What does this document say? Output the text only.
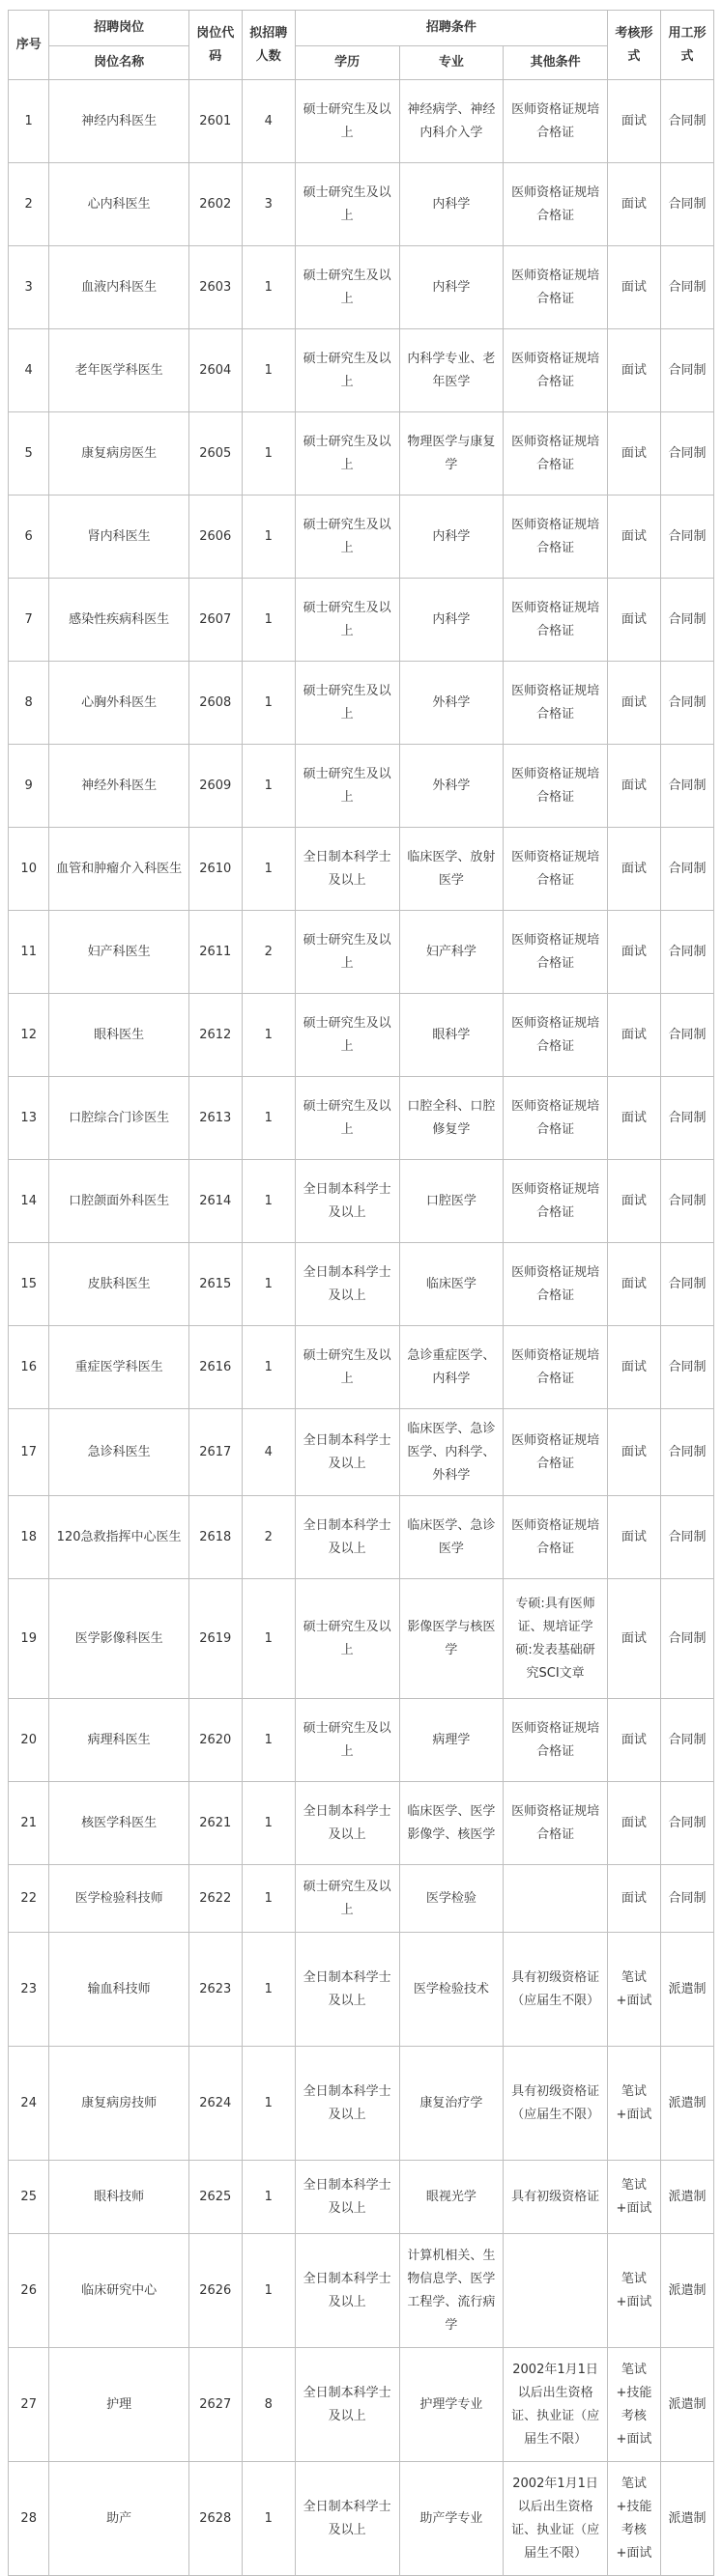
序号	招聘岗位	岗位代码	拟招聘人数	招聘条件			考核形式	用工形式
	岗位名称			学历	专业	其他条件		
1	神经内科医生	2601	4	硕士研究生及以上	神经病学、神经内科介入学	医师资格证规培合格证	面试	合同制
2	心内科医生	2602	3	硕士研究生及以上	内科学	医师资格证规培合格证	面试	合同制
3	血液内科医生	2603	1	硕士研究生及以上	内科学	医师资格证规培合格证	面试	合同制
4	老年医学科医生	2604	1	硕士研究生及以上	内科学专业、老年医学	医师资格证规培合格证	面试	合同制
5	康复病房医生	2605	1	硕士研究生及以上	物理医学与康复学	医师资格证规培合格证	面试	合同制
6	肾内科医生	2606	1	硕士研究生及以上	内科学	医师资格证规培合格证	面试	合同制
7	感染性疾病科医生	2607	1	硕士研究生及以上	内科学	医师资格证规培合格证	面试	合同制
8	心胸外科医生	2608	1	硕士研究生及以上	外科学	医师资格证规培合格证	面试	合同制
9	神经外科医生	2609	1	硕士研究生及以上	外科学	医师资格证规培合格证	面试	合同制
10	血管和肿瘤介入科医生	2610	1	全日制本科学士及以上	临床医学、放射医学	医师资格证规培合格证	面试	合同制
11	妇产科医生	2611	2	硕士研究生及以上	妇产科学	医师资格证规培合格证	面试	合同制
12	眼科医生	2612	1	硕士研究生及以上	眼科学	医师资格证规培合格证	面试	合同制
13	口腔综合门诊医生	2613	1	硕士研究生及以上	口腔全科、口腔修复学	医师资格证规培合格证	面试	合同制
14	口腔颌面外科医生	2614	1	全日制本科学士及以上	口腔医学	医师资格证规培合格证	面试	合同制
15	皮肤科医生	2615	1	全日制本科学士及以上	临床医学	医师资格证规培合格证	面试	合同制
16	重症医学科医生	2616	1	硕士研究生及以上	急诊重症医学、内科学	医师资格证规培合格证	面试	合同制
17	急诊科医生	2617	4	全日制本科学士及以上	临床医学、急诊医学、内科学、外科学	医师资格证规培合格证	面试	合同制
18	120急救指挥中心医生	2618	2	全日制本科学士及以上	临床医学、急诊医学	医师资格证规培合格证	面试	合同制
19	医学影像科医生	2619	1	硕士研究生及以上	影像医学与核医学	专硕:具有医师证、规培证学硕:发表基础研究SCI文章	面试	合同制
20	病理科医生	2620	1	硕士研究生及以上	病理学	医师资格证规培合格证	面试	合同制
21	核医学科医生	2621	1	全日制本科学士及以上	临床医学、医学影像学、核医学	医师资格证规培合格证	面试	合同制
22	医学检验科技师	2622	1	硕士研究生及以上	医学检验		面试	合同制
23	输血科技师	2623	1	全日制本科学士及以上	医学检验技术	具有初级资格证（应届生不限）	笔试+面试	派遣制
24	康复病房技师	2624	1	全日制本科学士及以上	康复治疗学	具有初级资格证（应届生不限）	笔试+面试	派遣制
25	眼科技师	2625	1	全日制本科学士及以上	眼视光学	具有初级资格证	笔试+面试	派遣制
26	临床研究中心	2626	1	全日制本科学士及以上	计算机相关、生物信息学、医学工程学、流行病学		笔试+面试	派遣制
27	护理	2627	8	全日制本科学士及以上	护理学专业	2002年1月1日以后出生资格证、执业证（应届生不限）	笔试+技能考核+面试	派遣制
28	助产	2628	1	全日制本科学士及以上	助产学专业	2002年1月1日以后出生资格证、执业证（应届生不限）	笔试+技能考核+面试	派遣制
